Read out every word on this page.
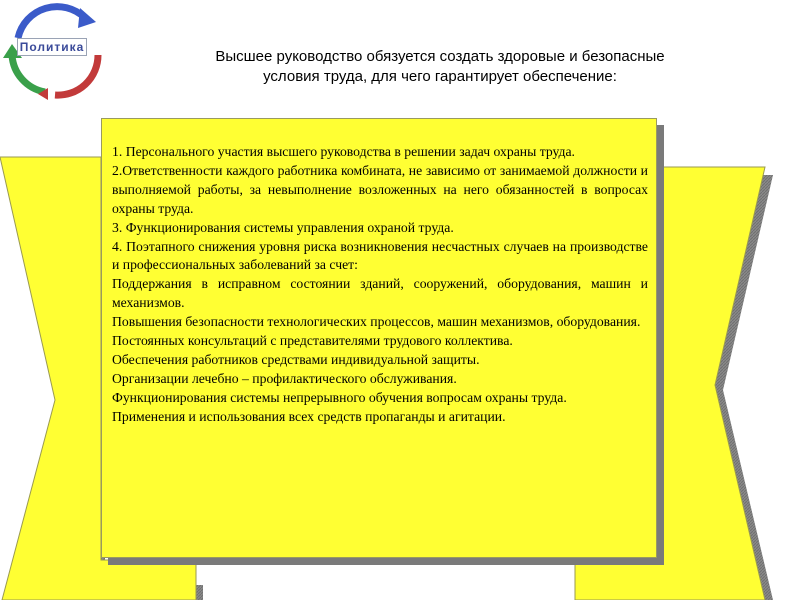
Политика
Высшее руководство обязуется создать здоровые и безопасные
условия труда, для чего гарантирует обеспечение:

1. Персонального участия высшего руководства в решении задач охраны труда.

2.Ответственности каждого работника комбината, не зависимо от занимаемой должности и выполняемой работы, за невыполнение возложенных на него обязанностей в вопросах охраны труда.

3. Функционирования системы управления охраной труда.

4. Поэтапного снижения уровня риска возникновения несчастных случаев на производстве и профессиональных заболеваний за счет:

Поддержания в исправном состоянии зданий, сооружений, оборудования, машин и механизмов.

Повышения безопасности технологических процессов, машин механизмов, оборудования.

Постоянных консультаций с представителями трудового коллектива.

Обеспечения работников средствами индивидуальной защиты.

Организации лечебно – профилактического обслуживания.

Функционирования системы непрерывного обучения вопросам охраны труда.

Применения и использования всех средств пропаганды и агитации.
